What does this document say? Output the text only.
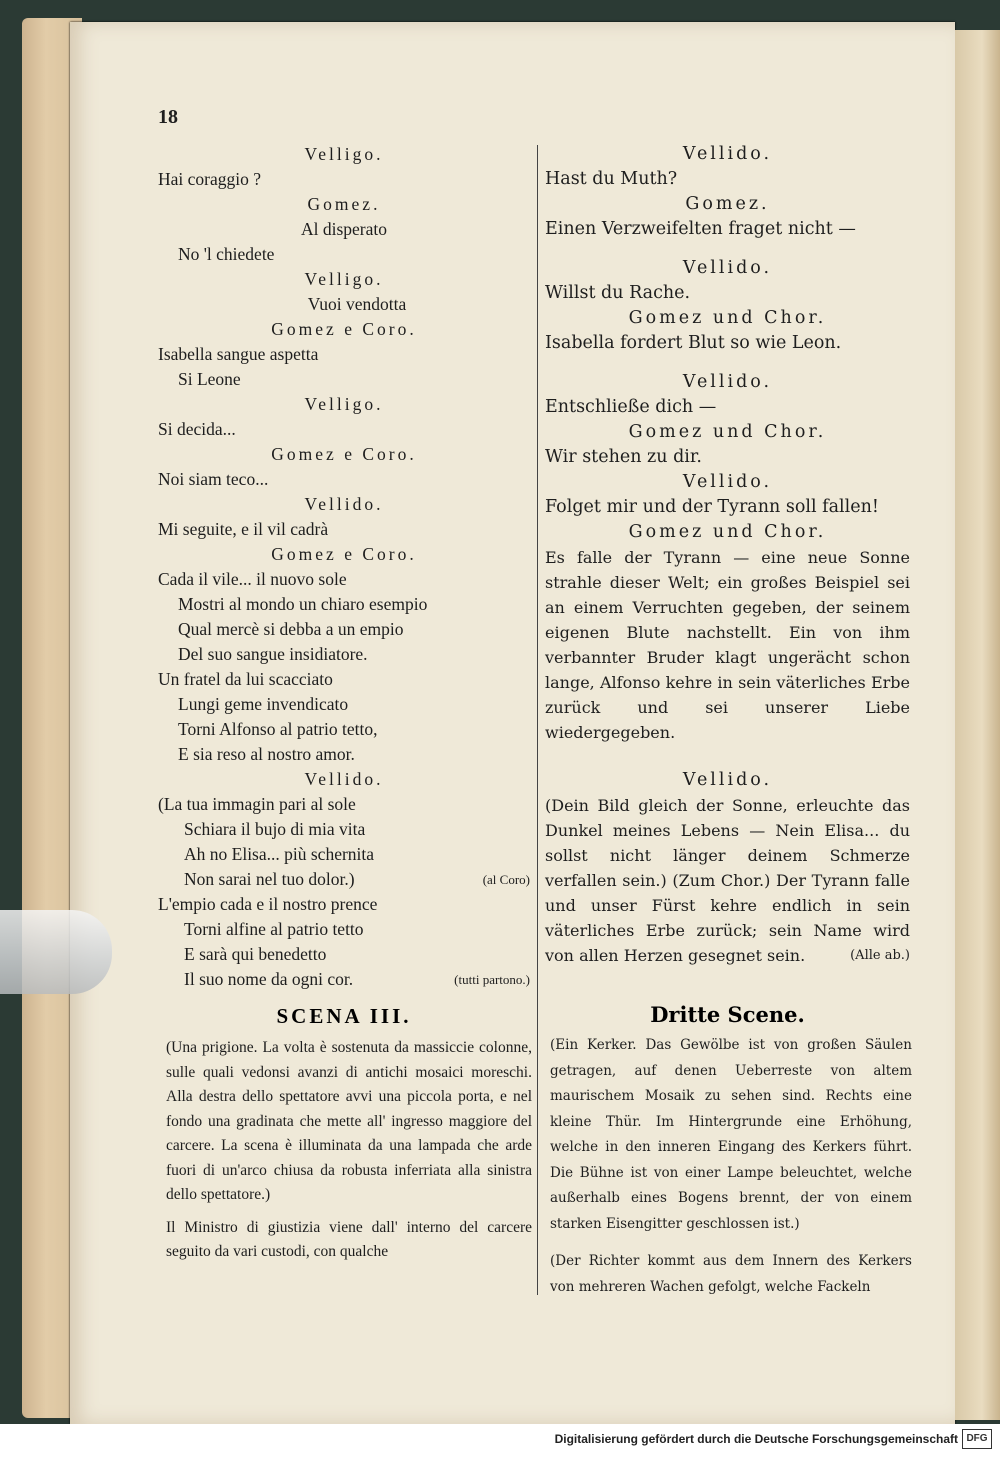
18
Velligo.
Hai coraggio ?
Gomez.
Al disperato
No 'l chiedete
Velligo.
Vuoi vendotta
Gomez e Coro.
Isabella sangue aspetta
Si Leone
Velligo.
Si decida...
Gomez e Coro.
Noi siam teco...
Vellido.
Mi seguite, e il vil cadrà
Gomez e Coro.
Cada il vile... il nuovo sole
Mostri al mondo un chiaro esempio
Qual mercè si debba a un empio
Del suo sangue insidiatore.
Un fratel da lui scacciato
Lungi geme invendicato
Torni Alfonso al patrio tetto,
E sia reso al nostro amor.
Vellido.
(La tua immagin pari al sole
Schiara il bujo di mia vita
Ah no Elisa... più schernita
Non sarai nel tuo dolor.)	(al Coro)
L'empio cada e il nostro prence
Torni alfine al patrio tetto
E sarà qui benedetto
Il suo nome da ogni cor.	(tutti partono.)
Vellido.
Hast du Muth?
Gomez.
Einen Verzweifelten fraget nicht —
Vellido.
Willst du Rache.
Gomez und Chor.
Isabella fordert Blut so wie Leon.
Vellido.
Entschließe dich —
Gomez und Chor.
Wir stehen zu dir.
Vellido.
Folget mir und der Tyrann soll fallen!
Gomez und Chor.

Es falle der Tyrann — eine neue Sonne strahle dieser Welt; ein großes Beispiel sei an einem Verruchten gegeben, der seinem eigenen Blute nachstellt. Ein von ihm verbannter Bruder klagt ungerächt schon lange, Alfonso kehre in sein väterliches Erbe zurück und sei unserer Liebe wiedergegeben.

Vellido.

(Dein Bild gleich der Sonne, erleuchte das Dunkel meines Lebens — Nein Elisa... du sollst nicht länger deinem Schmerze verfallen sein.) (Zum Chor.) Der Tyrann falle und unser Fürst kehre endlich in sein väterliches Erbe zurück; sein Name wird von allen Herzen gesegnet sein.	(Alle ab.)

SCENA III.	Dritte Scene.

(Una prigione. La volta è sostenuta da massiccie colonne, sulle quali vedonsi avanzi di antichi mosaici moreschi. Alla destra dello spettatore avvi una piccola porta, e nel fondo una gradinata che mette all' ingresso maggiore del carcere. La scena è illuminata da una lampada che arde fuori di un'arco chiusa da robusta inferriata alla sinistra dello spettatore.)

Il Ministro di giustizia viene dall' interno del carcere seguito da vari custodi, con qualche

(Ein Kerker. Das Gewölbe ist von großen Säulen getragen, auf denen Ueberreste von altem maurischem Mosaik zu sehen sind. Rechts eine kleine Thür. Im Hintergrunde eine Erhöhung, welche in den inneren Eingang des Kerkers führt. Die Bühne ist von einer Lampe beleuchtet, welche außerhalb eines Bogens brennt, der von einem starken Eisengitter geschlossen ist.)

(Der Richter kommt aus dem Innern des Kerkers von mehreren Wachen gefolgt, welche Fackeln

Digitalisierung gefördert durch die Deutsche Forschungsgemeinschaft DFG
